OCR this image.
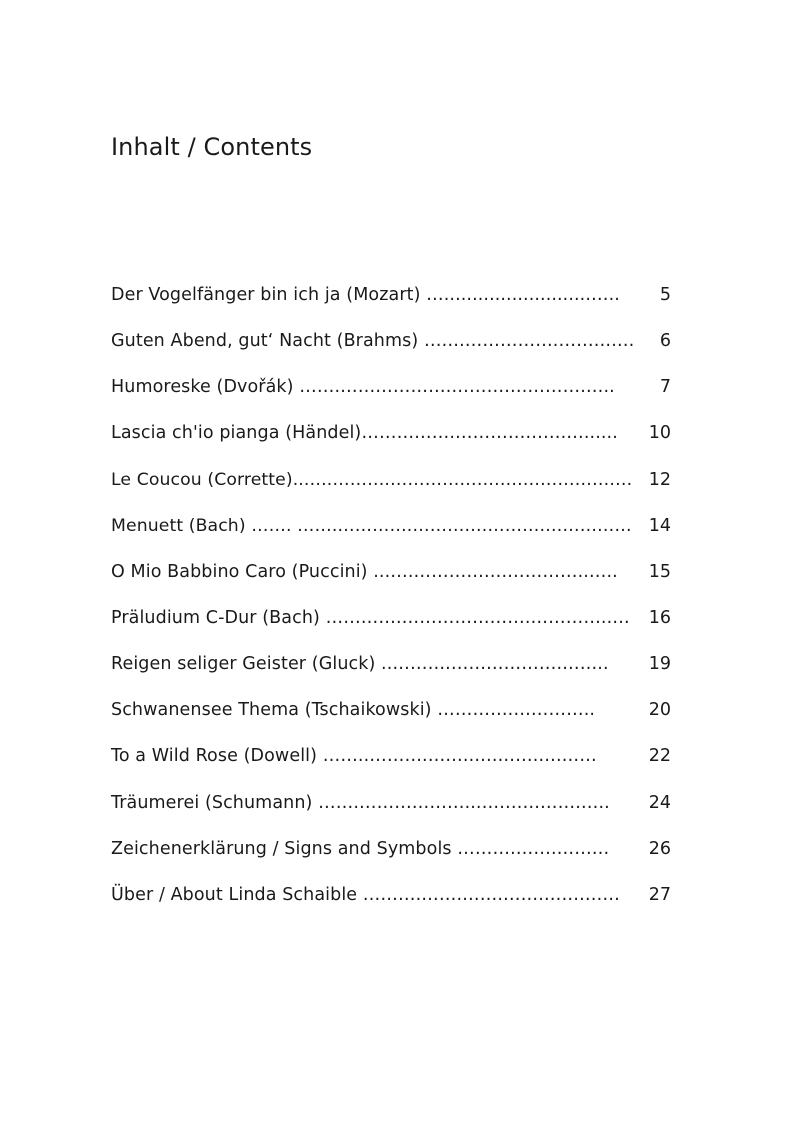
Inhalt / Contents
Der Vogelfänger bin ich ja (Mozart) …..........................….. 5
Guten Abend, gut‘ Nacht (Brahms) …….…………….……….… 6
Humoreske (Dvořák) …….……………….………….……….…..	7
Lascia ch'io pianga (Händel)…………….……………….…...... 10
Le Coucou (Corrette)...….……….……………….…….………….… 12
Menuett (Bach) ……. …….………….………….………….………… 14
O Mio Babbino Caro (Puccini) ...….…………….…………..….. 15
Präludium C-Dur (Bach) ………….………………….…………..… 16
Reigen seliger Geister (Gluck) ..……….……………….…….. 19
Schwanensee Thema (Tschaikowski) ………….…………..	20
To a Wild Rose (Dowell) ……..……….……..….…….….……	22
Träumerei (Schumann) …….………………...…….……….….. 24
Zeichenerklärung / Signs and Symbols ……….…….……… 26
Über / About Linda Schaible ……….…….…….…….……….… 27
